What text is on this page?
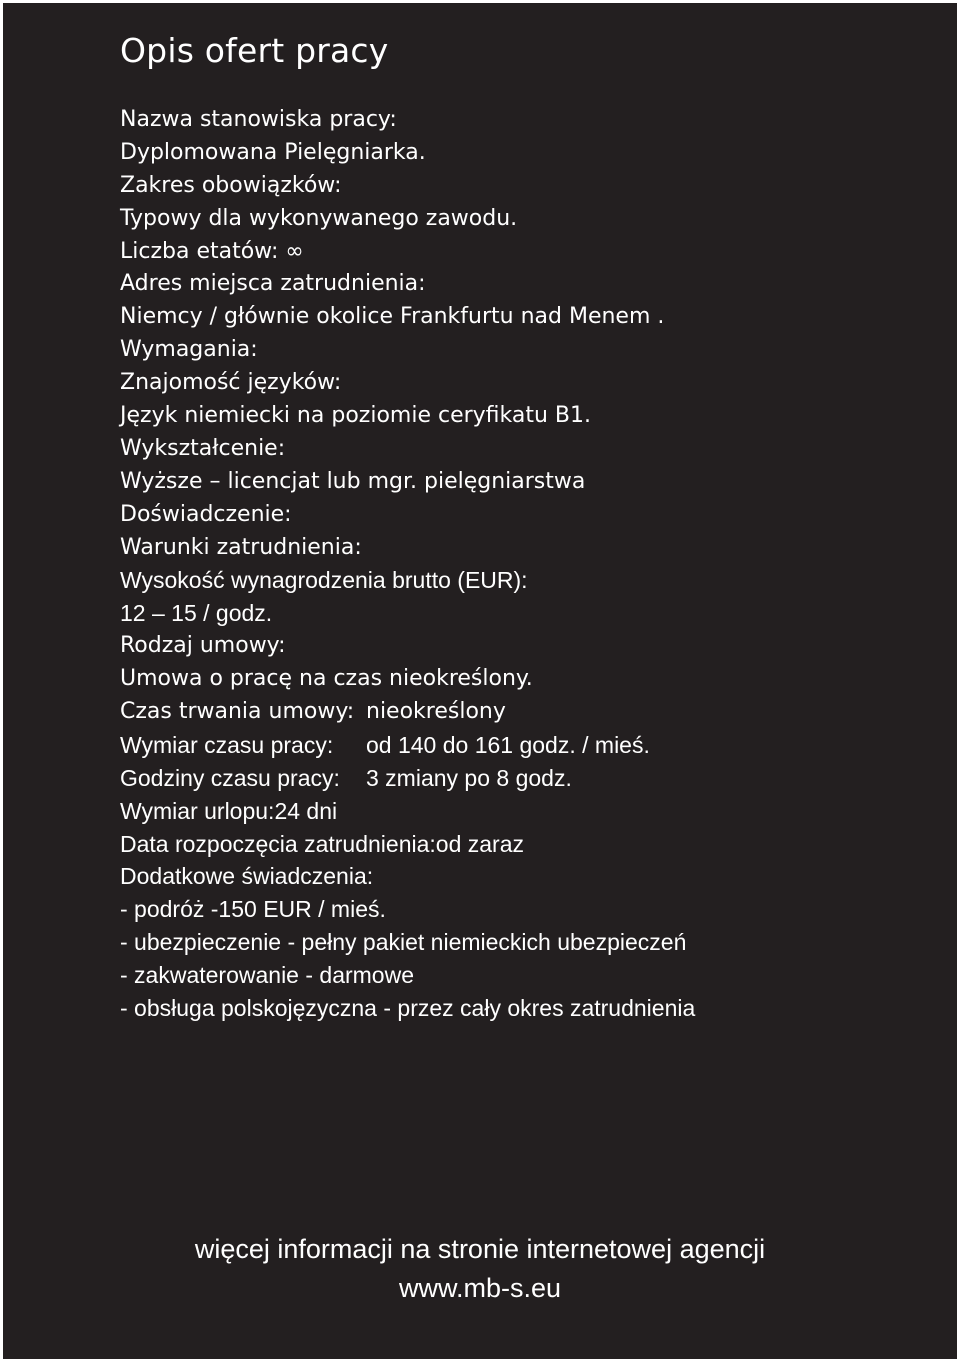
Opis ofert pracy
Nazwa stanowiska pracy:
Dyplomowana Pielęgniarka.
Zakres obowiązków:
Typowy dla wykonywanego zawodu.
Liczba etatów: ∞
Adres miejsca zatrudnienia:
Niemcy / głównie okolice Frankfurtu nad Menem .
Wymagania:
Znajomość języków:
Język niemiecki na poziomie ceryfikatu B1.
Wykształcenie:
Wyższe – licencjat lub mgr. pielęgniarstwa
Doświadczenie:
Warunki zatrudnienia:
Wysokość wynagrodzenia brutto (EUR):
12 – 15 / godz.
Rodzaj umowy:
Umowa o pracę na czas nieokreślony.
Czas trwania umowy: nieokreślony
Wymiar czasu pracy: od 140 do 161 godz. / mieś.
Godziny czasu pracy: 3 zmiany po 8 godz.
Wymiar urlopu:24 dni
Data rozpoczęcia zatrudnienia:od zaraz
Dodatkowe świadczenia:
- podróż -150 EUR / mieś.
- ubezpieczenie - pełny pakiet niemieckich ubezpieczeń
- zakwaterowanie - darmowe
- obsługa polskojęzyczna - przez cały okres zatrudnienia
więcej informacji na stronie internetowej agencji
www.mb-s.eu
